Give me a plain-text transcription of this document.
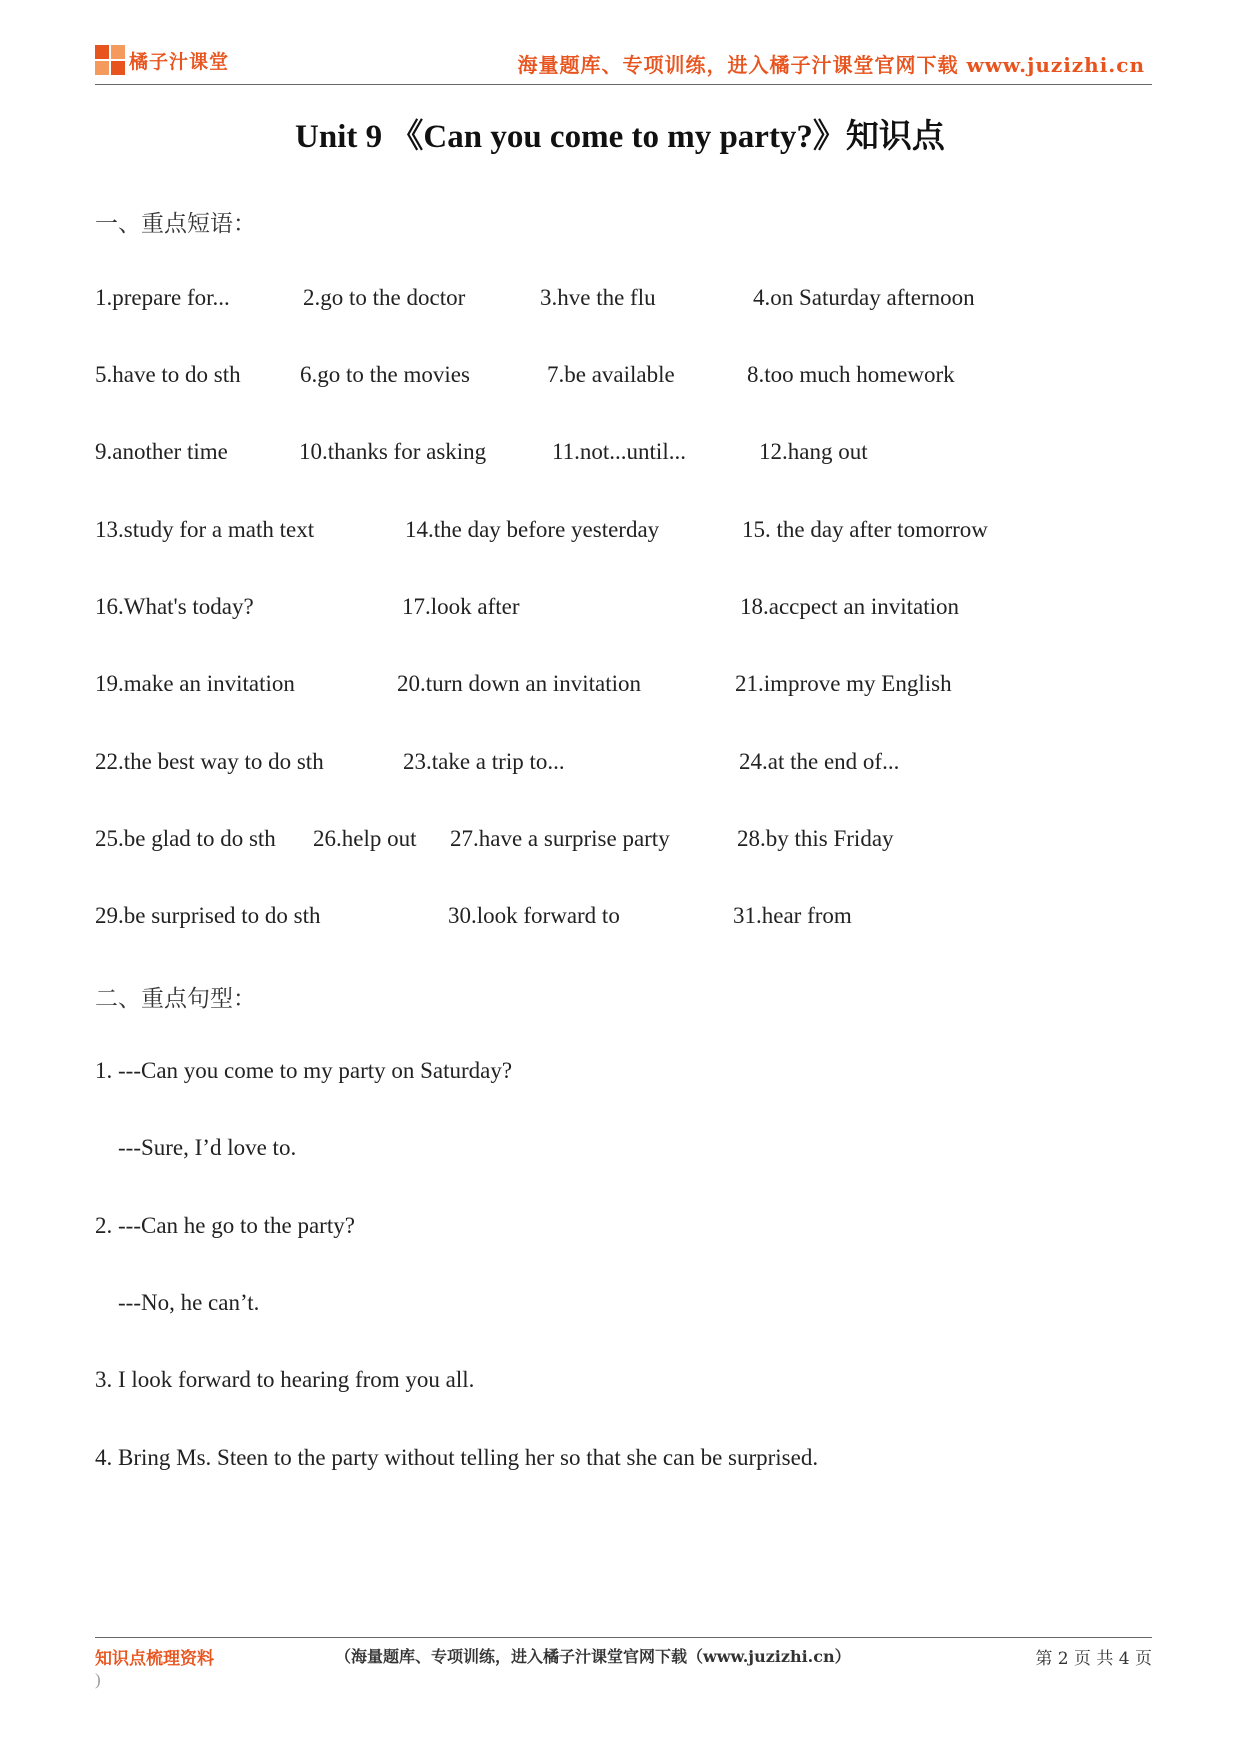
橘子汁课堂	海量题库、专项训练，进入橘子汁课堂官网下载 www.juzizhi.cn
Unit 9 《Can you come to my party?》知识点
一、重点短语：
1.prepare for...	2.go to the doctor	3.hve the flu	4.on Saturday afternoon
5.have to do sth	6.go to the movies	7.be available	8.too much homework
9.another time	10.thanks for asking	11.not...until...	12.hang out
13.study for a math text	14.the day before yesterday	15. the day after tomorrow
16.What's today?	17.look after	18.accpect an invitation
19.make an invitation	20.turn down an invitation	21.improve my English
22.the best way to do sth	23.take a trip to...	24.at the end of...
25.be glad to do sth 26.help out 27.have a surprise party	28.by this Friday
29.be surprised to do sth	30.look forward to	31.hear from
二、重点句型：
1. ---Can you come to my party on Saturday?
---Sure, I’d love to.
2. ---Can he go to the party?
---No, he can’t.
3. I look forward to hearing from you all.
4. Bring Ms. Steen to the party without telling her so that she can be surprised.
知识点梳理资料
)
（海量题库、专项训练，进入橘子汁课堂官网下载（www.juzizhi.cn）	第 2 页 共 4 页
